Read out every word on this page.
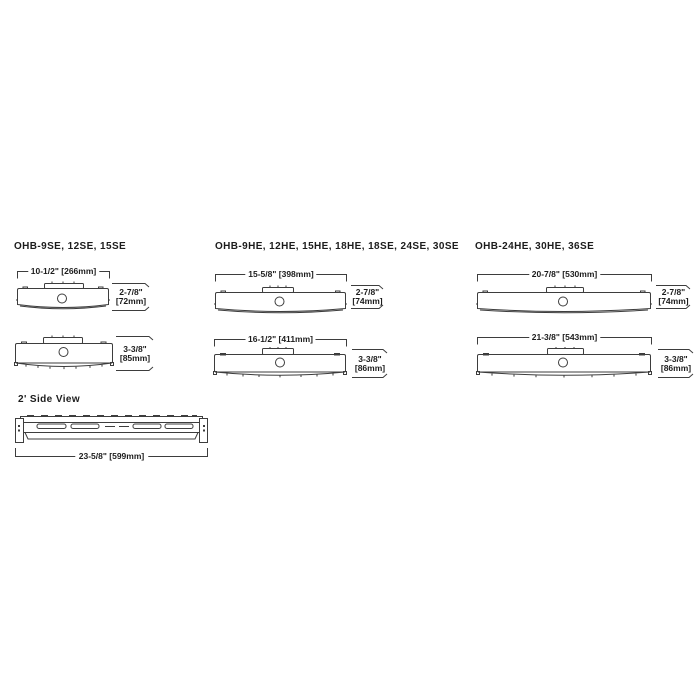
OHB-9SE, 12SE, 15SE	OHB-9HE, 12HE, 15HE, 18HE, 18SE, 24SE, 30SE OHB-24HE, 30HE, 36SE
10-1/2" [266mm]
2-7/8"
[72mm]
15-5/8" [398mm]
2-7/8"
[74mm]
20-7/8" [530mm]
2-7/8"
[74mm]
3-3/8"
[85mm]
16-1/2" [411mm]
3-3/8"
[86mm]
21-3/8" [543mm]
3-3/8"
[86mm]
2' Side View
23-5/8" [599mm]
